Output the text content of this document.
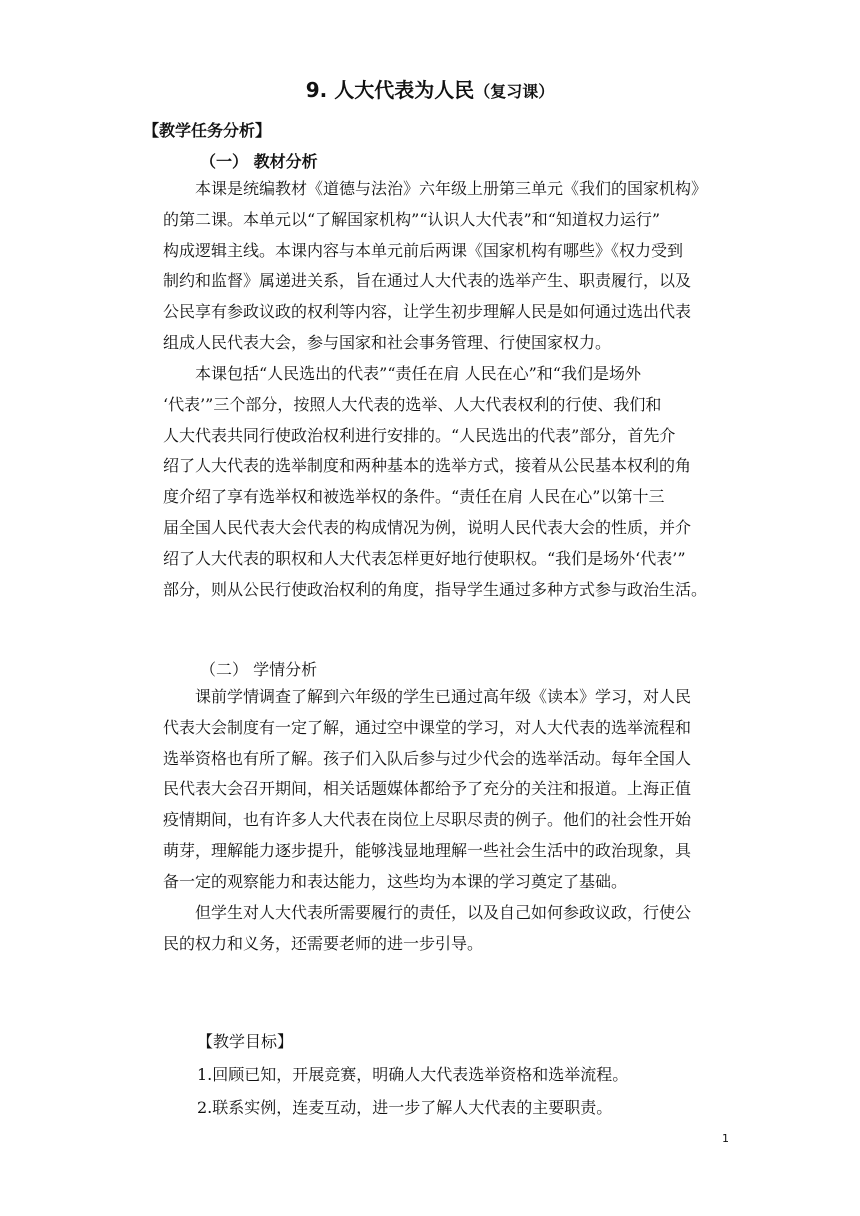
9. 人大代表为人民（复习课）
【教学任务分析】
（一） 教材分析
本课是统编教材《道德与法治》六年级上册第三单元《我们的国家机构》
的第二课。本单元以“了解国家机构”“认识人大代表”和“知道权力运行”
构成逻辑主线。本课内容与本单元前后两课《国家机构有哪些》《权力受到
制约和监督》属递进关系，旨在通过人大代表的选举产生、职责履行，以及
公民享有参政议政的权利等内容，让学生初步理解人民是如何通过选出代表
组成人民代表大会，参与国家和社会事务管理、行使国家权力。
本课包括“人民选出的代表”“责任在肩 人民在心”和“我们是场外
‘代表’”三个部分，按照人大代表的选举、人大代表权利的行使、我们和
人大代表共同行使政治权利进行安排的。“人民选出的代表”部分，首先介
绍了人大代表的选举制度和两种基本的选举方式，接着从公民基本权利的角
度介绍了享有选举权和被选举权的条件。“责任在肩 人民在心”以第十三
届全国人民代表大会代表的构成情况为例，说明人民代表大会的性质，并介
绍了人大代表的职权和人大代表怎样更好地行使职权。“我们是场外‘代表’”
部分，则从公民行使政治权利的角度，指导学生通过多种方式参与政治生活。
（二） 学情分析
课前学情调查了解到六年级的学生已通过高年级《读本》学习，对人民
代表大会制度有一定了解，通过空中课堂的学习，对人大代表的选举流程和
选举资格也有所了解。孩子们入队后参与过少代会的选举活动。每年全国人
民代表大会召开期间，相关话题媒体都给予了充分的关注和报道。上海正值
疫情期间，也有许多人大代表在岗位上尽职尽责的例子。他们的社会性开始
萌芽，理解能力逐步提升，能够浅显地理解一些社会生活中的政治现象，具
备一定的观察能力和表达能力，这些均为本课的学习奠定了基础。
但学生对人大代表所需要履行的责任，以及自己如何参政议政，行使公
民的权力和义务，还需要老师的进一步引导。
【教学目标】
1.回顾已知，开展竞赛，明确人大代表选举资格和选举流程。
2.联系实例，连麦互动，进一步了解人大代表的主要职责。
1
